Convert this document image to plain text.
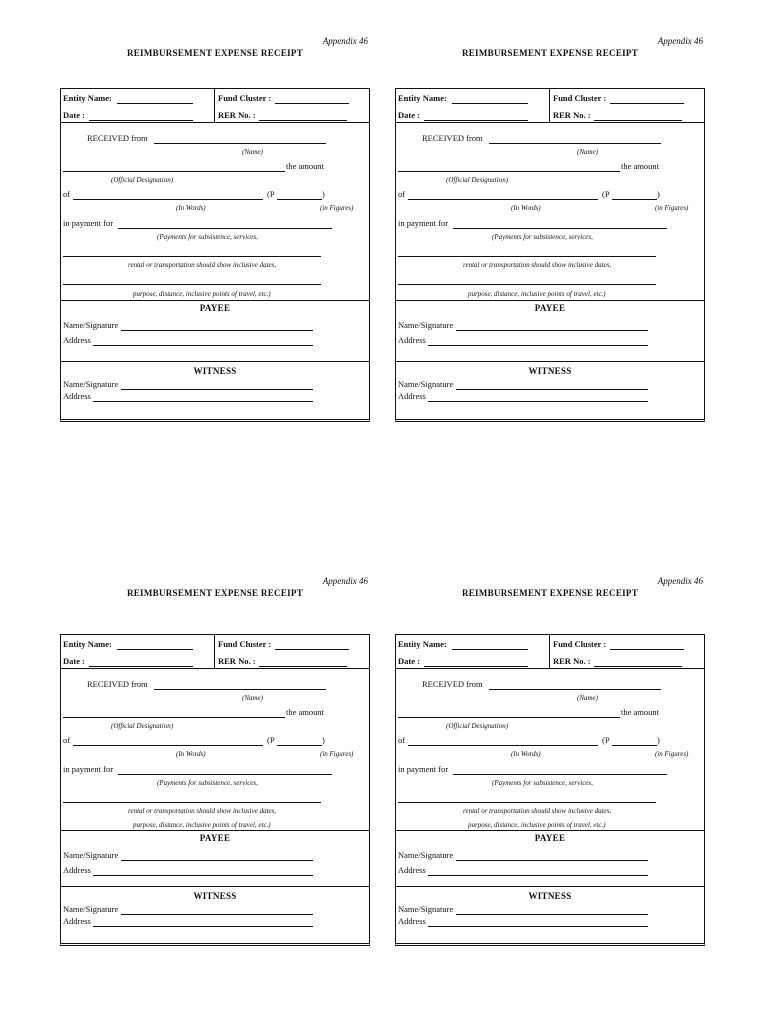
Appendix 46
REIMBURSEMENT EXPENSE RECEIPT
Entity Name:	Fund Cluster :
Date :	RER No. :
RECEIVED from
(Name)
the amount
(Official Designation)
of	(P	)
(In Words)	(in Figures)
in payment for
(Payments for subsistence, services,
rental or transportation should show inclusive dates,
purpose, distance, inclusive points of travel, etc.)
PAYEE
Name/Signature
Address
WITNESS
Name/Signature
Address
Appendix 46
REIMBURSEMENT EXPENSE RECEIPT
Entity Name:	Fund Cluster :
Date :	RER No. :
RECEIVED from
(Name)
the amount
(Official Designation)
of	(P	)
(In Words)	(in Figures)
in payment for
(Payments for subsistence, services,
rental or transportation should show inclusive dates,
purpose, distance, inclusive points of travel, etc.)
PAYEE
Name/Signature
Address
WITNESS
Name/Signature
Address
Appendix 46
REIMBURSEMENT EXPENSE RECEIPT
Entity Name:	Fund Cluster :
Date :	RER No. :
RECEIVED from
(Name)
the amount
(Official Designation)
of	(P	)
(In Words)	(in Figures)
in payment for
(Payments for subsistence, services,
rental or transportation should show inclusive dates,
purpose, distance, inclusive points of travel, etc.)
PAYEE
Name/Signature
Address
WITNESS
Name/Signature
Address
Appendix 46
REIMBURSEMENT EXPENSE RECEIPT
Entity Name:	Fund Cluster :
Date :	RER No. :
RECEIVED from
(Name)
the amount
(Official Designation)
of	(P	)
(In Words)	(in Figures)
in payment for
(Payments for subsistence, services,
rental or transportation should show inclusive dates,
purpose, distance, inclusive points of travel, etc.)
PAYEE
Name/Signature
Address
WITNESS
Name/Signature
Address
